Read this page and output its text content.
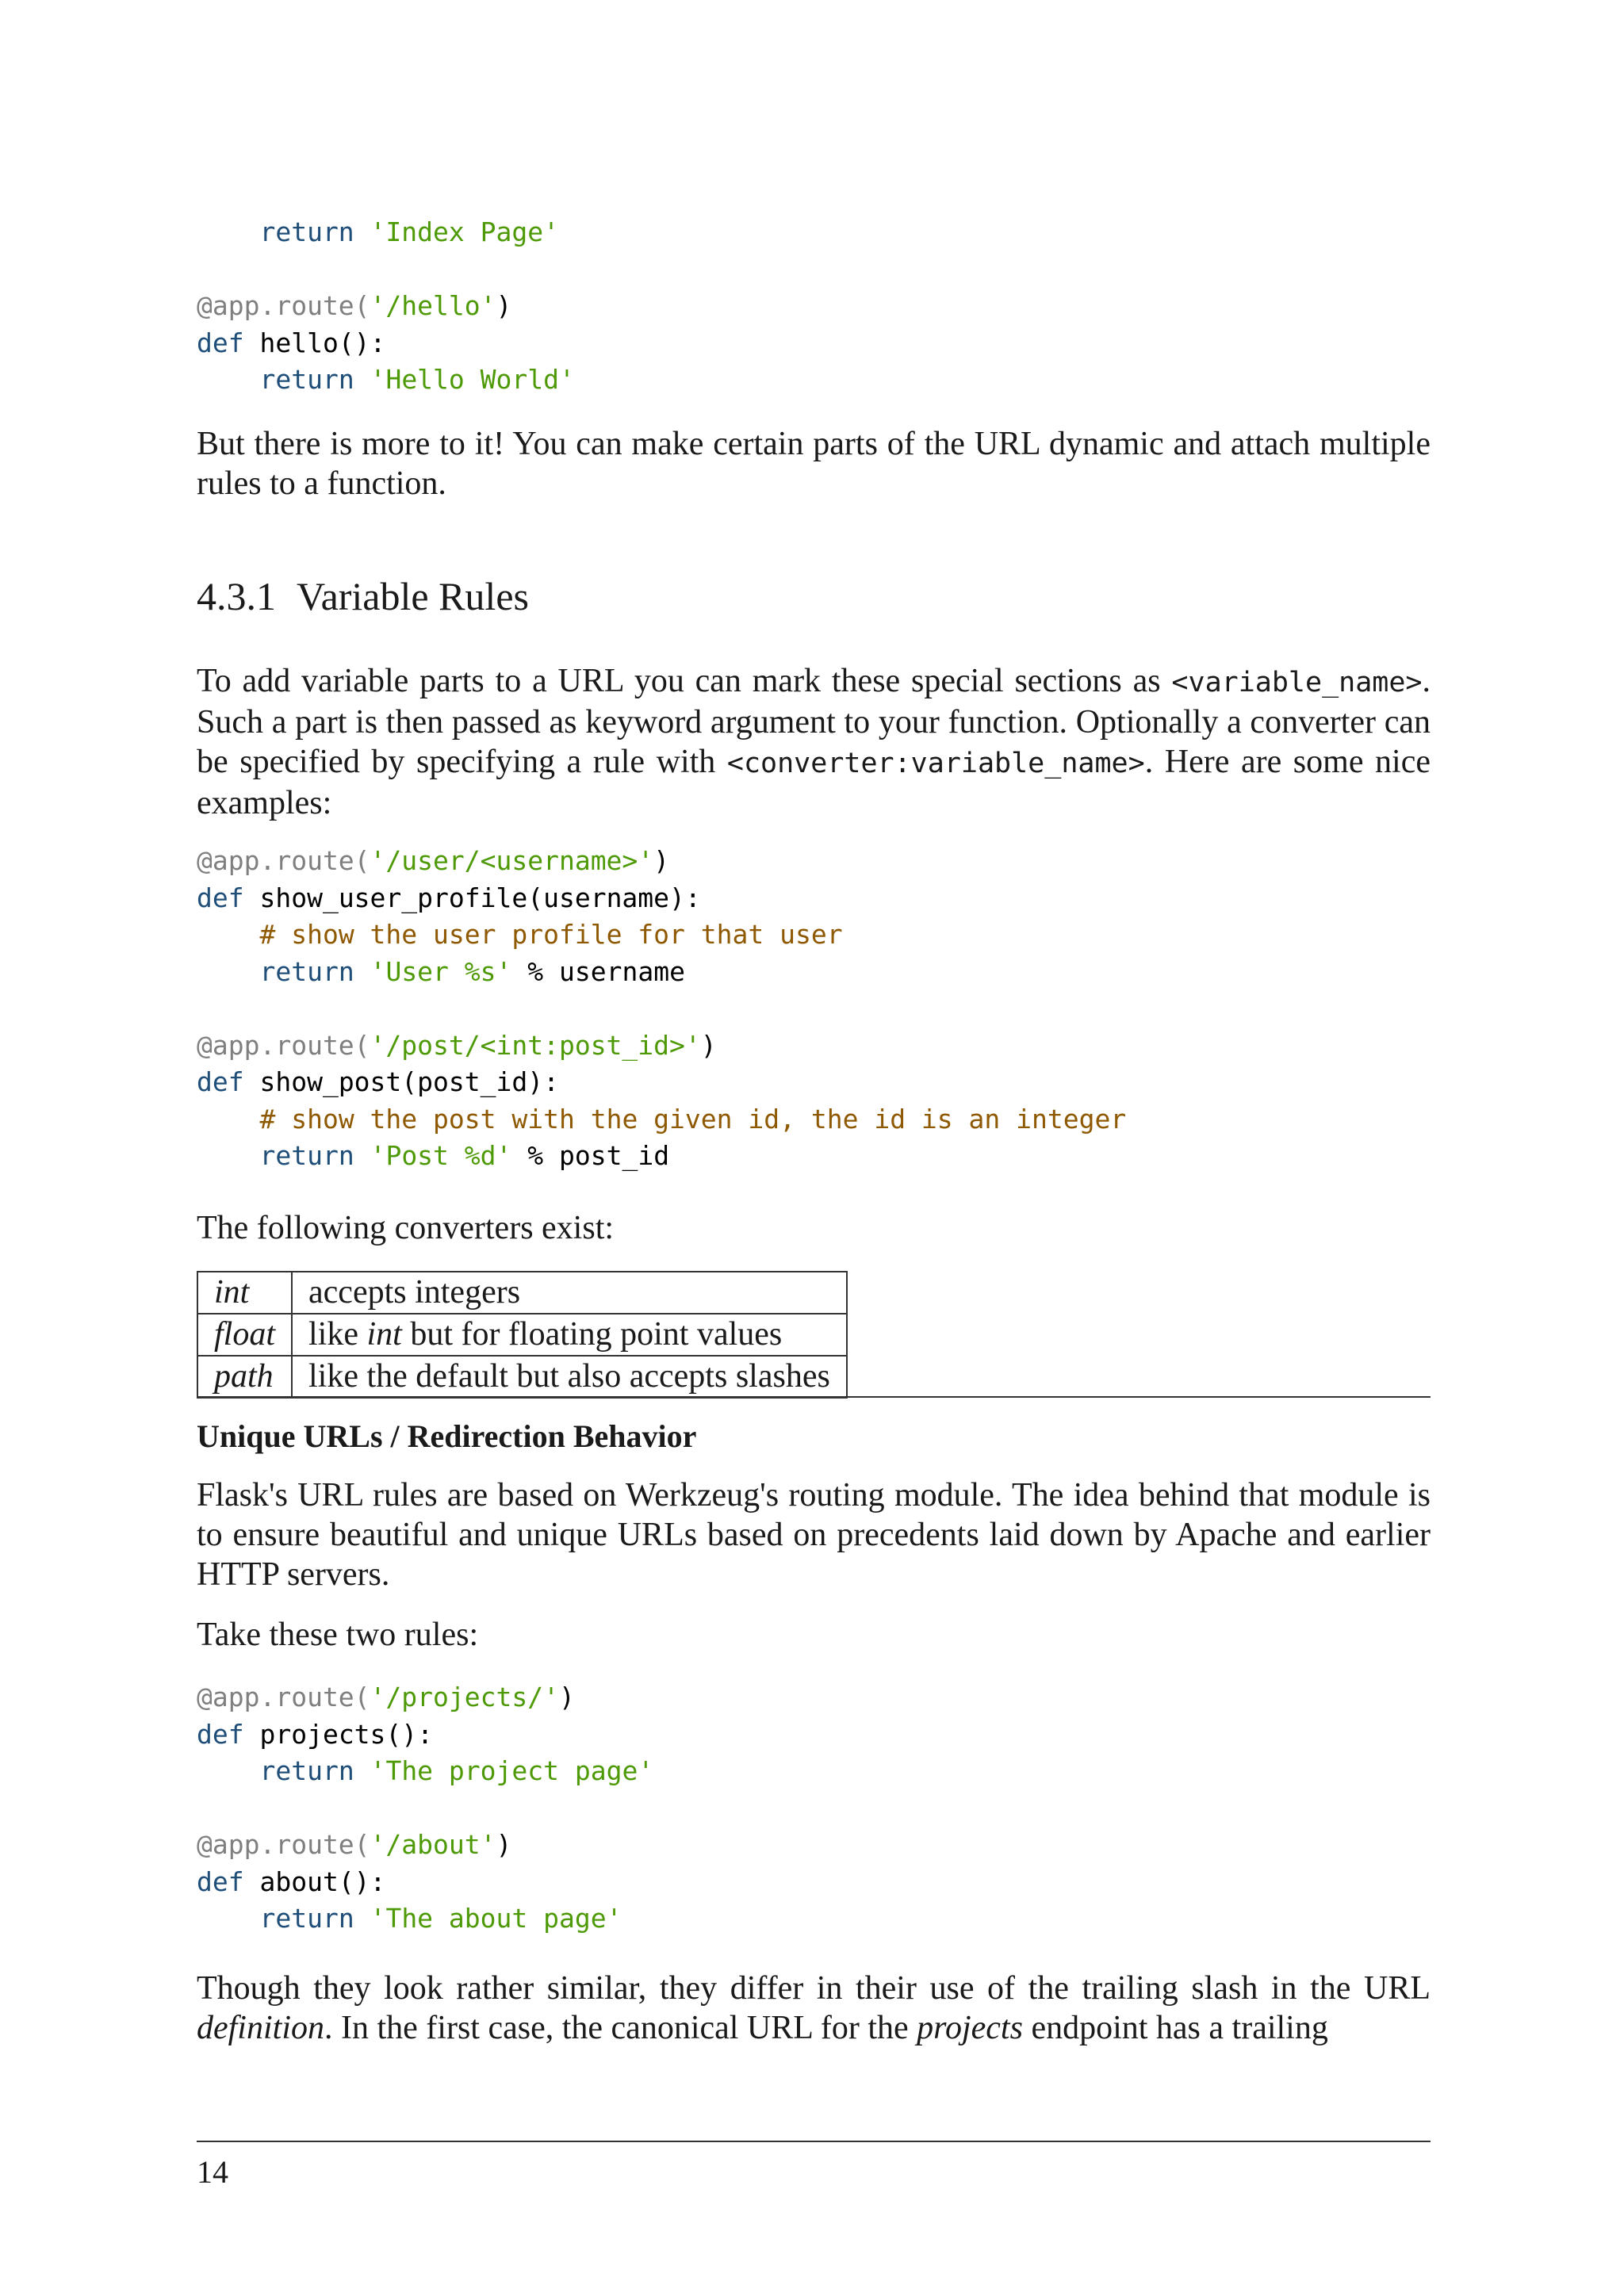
return 'Index Page'

@app.route('/hello')
def hello():
return 'Hello World'

But there is more to it! You can make certain parts of the URL dynamic and attach multiple rules to a function.

4.3.1 Variable Rules

To add variable parts to a URL you can mark these special sections as <variable_name>. Such a part is then passed as keyword argument to your function. Optionally a converter can be specified by specifying a rule with <converter:variable_name>. Here are some nice examples:

@app.route('/user/<username>')
def show_user_profile(username):
# show the user profile for that user
return 'User %s' % username

@app.route('/post/<int:post_id>')
def show_post(post_id):
# show the post with the given id, the id is an integer
return 'Post %d' % post_id

The following converters exist:

int	accepts integers
float	like int but for floating point values
path	like the default but also accepts slashes
Unique URLs / Redirection Behavior

Flask's URL rules are based on Werkzeug's routing module. The idea behind that module is to ensure beautiful and unique URLs based on precedents laid down by Apache and earlier HTTP servers.

Take these two rules:

@app.route('/projects/')
def projects():
return 'The project page'

@app.route('/about')
def about():
return 'The about page'

Though they look rather similar, they differ in their use of the trailing slash in the URL definition. In the first case, the canonical URL for the projects endpoint has a trailing

14
